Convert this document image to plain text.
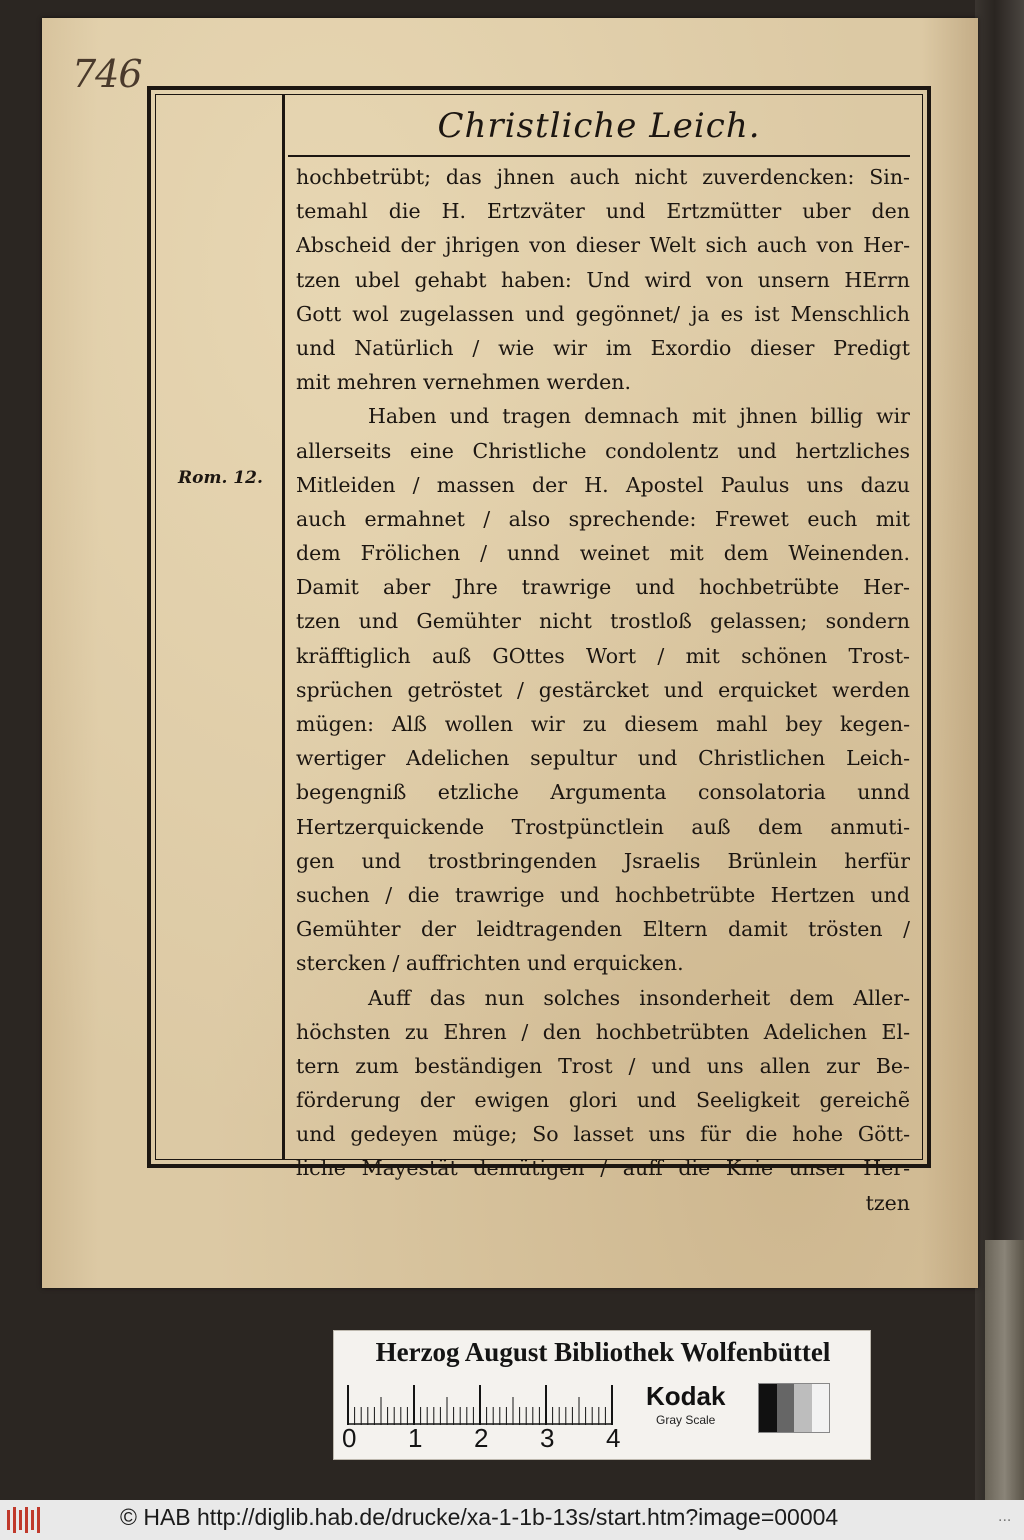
746
Christliche Leich.
Rom. 12.
hochbetrübt; das jhnen auch nicht zuverdencken: Sin-
temahl die H. Ertzväter und Ertzmütter uber den
Abscheid der jhrigen von dieser Welt sich auch von Her-
tzen ubel gehabt haben: Und wird von unsern HErrn
Gott wol zugelassen und gegönnet/ ja es ist Menschlich
und Natürlich / wie wir im Exordio dieser Predigt
mit mehren vernehmen werden.
Haben und tragen demnach mit jhnen billig wir
allerseits eine Christliche condolentz und hertzliches
Mitleiden / massen der H. Apostel Paulus uns dazu
auch ermahnet / also sprechende: Frewet euch mit
dem Frölichen / unnd weinet mit dem Weinenden.
Damit aber Jhre trawrige und hochbetrübte Her-
tzen und Gemühter nicht trostloß gelassen; sondern
kräfftiglich auß GOttes Wort / mit schönen Trost-
sprüchen getröstet / gestärcket und erquicket werden
mügen: Alß wollen wir zu diesem mahl bey kegen-
wertiger Adelichen sepultur und Christlichen Leich-
begengniß etzliche Argumenta consolatoria unnd
Hertzerquickende Trostpünctlein auß dem anmuti-
gen und trostbringenden Jsraelis Brünlein herfür
suchen / die trawrige und hochbetrübte Hertzen und
Gemühter der leidtragenden Eltern damit trösten /
stercken / auffrichten und erquicken.
Auff das nun solches insonderheit dem Aller-
höchsten zu Ehren / den hochbetrübten Adelichen El-
tern zum beständigen Trost / und uns allen zur Be-
förderung der ewigen glori und Seeligkeit gereichẽ
und gedeyen müge; So lasset uns für die hohe Gött-
liche Mayestät demütigen / auff die Knie unser Her-
tzen
Herzog August Bibliothek Wolfenbüttel
0 1 2 3 4
Kodak
Gray Scale
© HAB http://diglib.hab.de/drucke/xa-1-1b-13s/start.htm?image=00004	...
